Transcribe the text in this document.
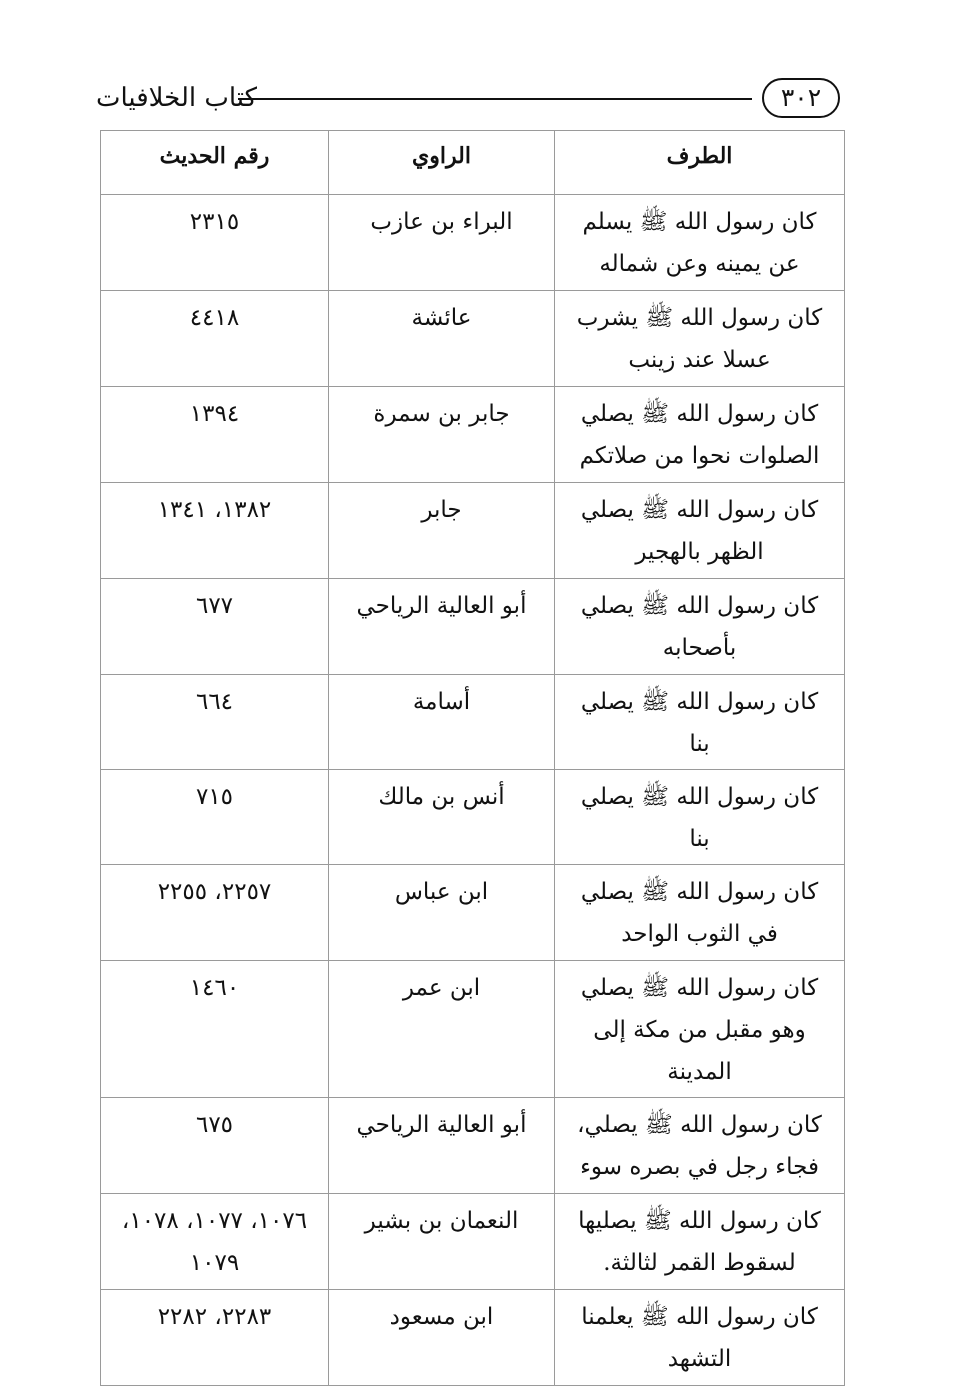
كتاب الخلافيات	٣٠٢
الطرف	الراوي	رقم الحديث
كان رسول الله ﷺ يسلم عن يمينه وعن شماله	البراء بن عازب	٢٣١٥
كان رسول الله ﷺ يشرب عسلا عند زينب	عائشة	٤٤١٨
كان رسول الله ﷺ يصلي الصلوات نحوا من صلاتكم	جابر بن سمرة	١٣٩٤
كان رسول الله ﷺ يصلي الظهر بالهجير	جابر	١٣٨٢، ١٣٤١
كان رسول الله ﷺ يصلي بأصحابه	أبو العالية الرياحي	٦٧٧
كان رسول الله ﷺ يصلي بنا	أسامة	٦٦٤
كان رسول الله ﷺ يصلي بنا	أنس بن مالك	٧١٥
كان رسول الله ﷺ يصلي في الثوب الواحد	ابن عباس	٢٢٥٧، ٢٢٥٥
كان رسول الله ﷺ يصلي وهو مقبل من مكة إلى المدينة	ابن عمر	١٤٦٠
كان رسول الله ﷺ يصلي، فجاء رجل في بصره سوء	أبو العالية الرياحي	٦٧٥
كان رسول الله ﷺ يصليها لسقوط القمر لثالثة.	النعمان بن بشير	١٠٧٦، ١٠٧٧، ١٠٧٨، ١٠٧٩
كان رسول الله ﷺ يعلمنا التشهد	ابن مسعود	٢٢٨٣، ٢٢٨٢
